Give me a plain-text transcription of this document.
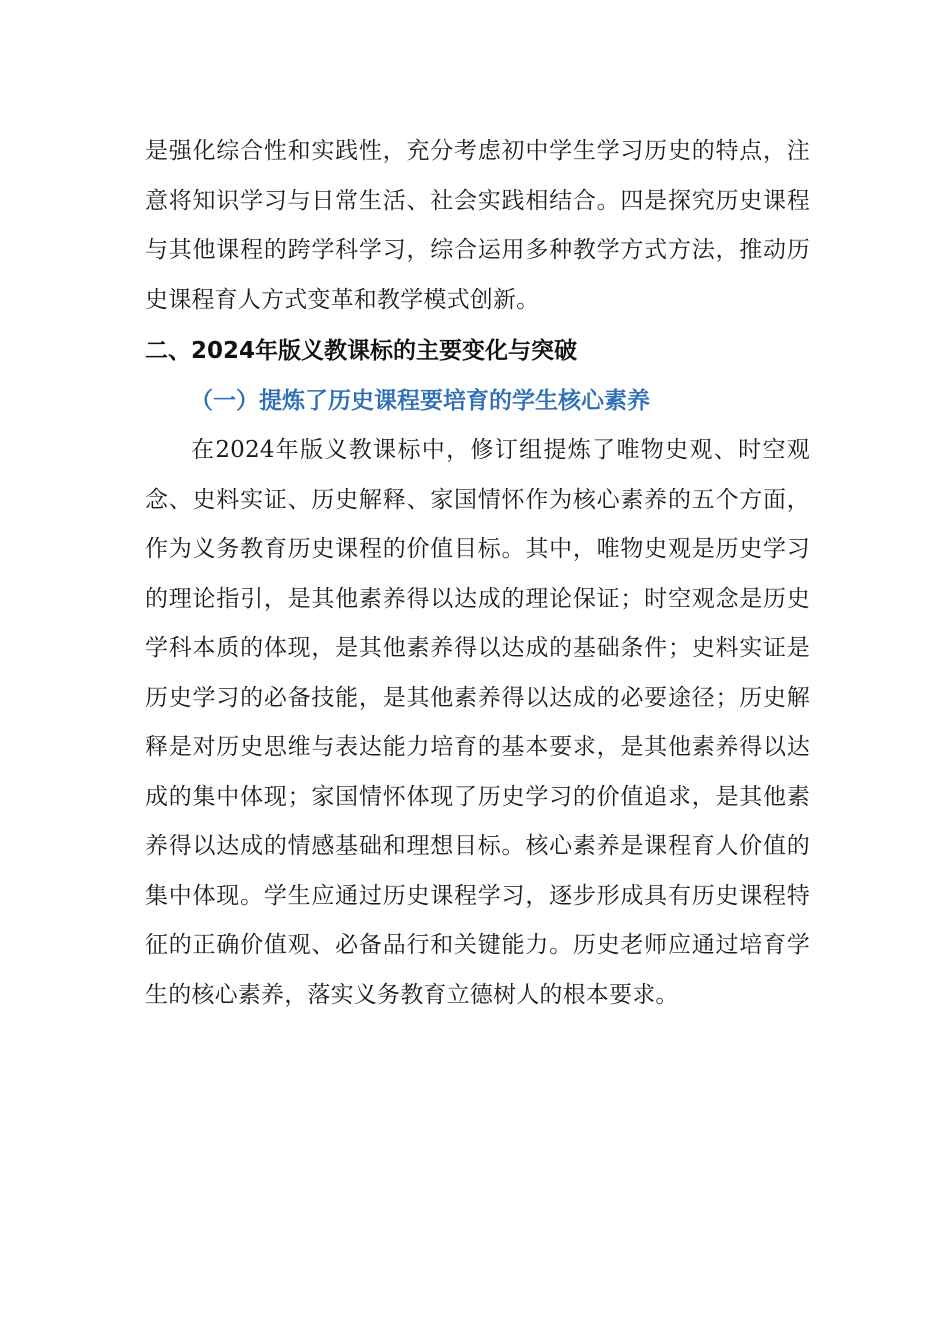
是强化综合性和实践性，充分考虑初中学生学习历史的特点，注意将知识学习与日常生活、社会实践相结合。四是探究历史课程与其他课程的跨学科学习，综合运用多种教学方式方法，推动历史课程育人方式变革和教学模式创新。

二、2024年版义教课标的主要变化与突破
（一）提炼了历史课程要培育的学生核心素养

在2024年版义教课标中，修订组提炼了唯物史观、时空观念、史料实证、历史解释、家国情怀作为核心素养的五个方面，作为义务教育历史课程的价值目标。其中，唯物史观是历史学习的理论指引，是其他素养得以达成的理论保证；时空观念是历史学科本质的体现，是其他素养得以达成的基础条件；史料实证是历史学习的必备技能，是其他素养得以达成的必要途径；历史解释是对历史思维与表达能力培育的基本要求，是其他素养得以达成的集中体现；家国情怀体现了历史学习的价值追求，是其他素养得以达成的情感基础和理想目标。核心素养是课程育人价值的集中体现。学生应通过历史课程学习，逐步形成具有历史课程特征的正确价值观、必备品行和关键能力。历史老师应通过培育学生的核心素养，落实义务教育立德树人的根本要求。
